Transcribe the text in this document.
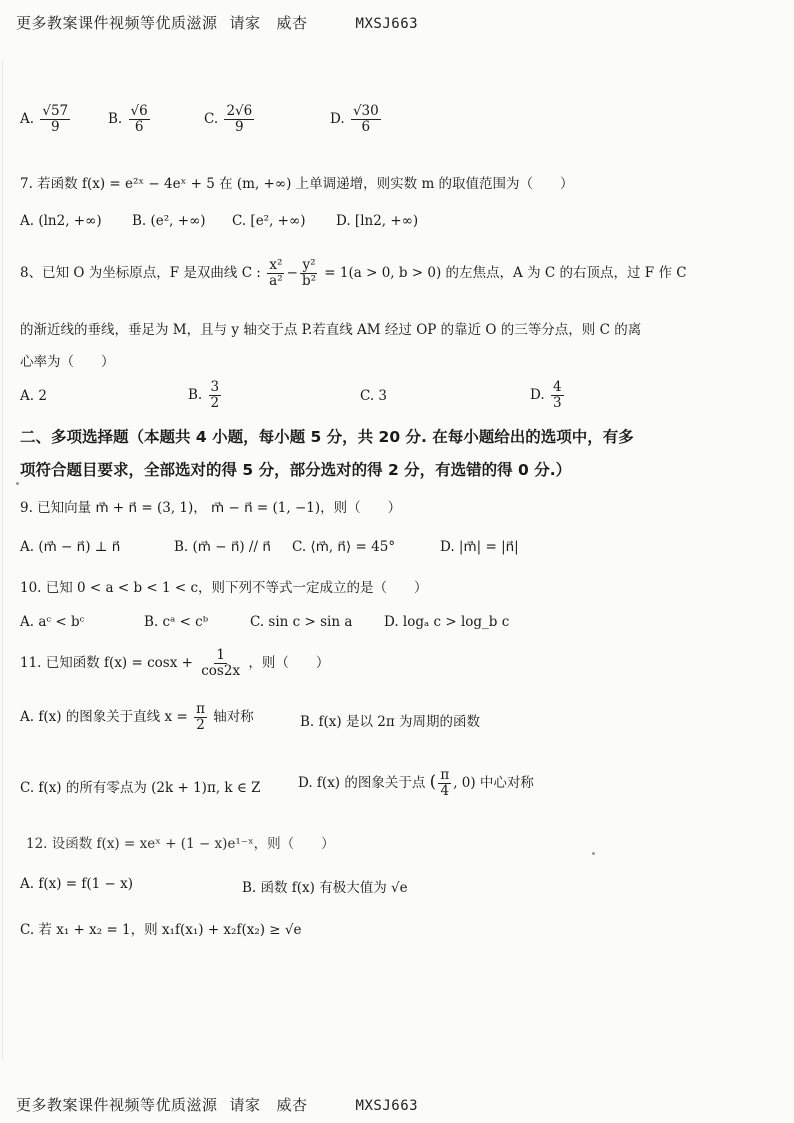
更多教案课件视频等优质滋源 请家 威杏	MXSJ663
A. $\frac{√57}{9}$	B. $\frac{√6}{6}$	C. $\frac{2√6}{9}$	D. $\frac{√30}{6}$
7. 若函数 f(x) = e²ˣ − 4eˣ + 5 在 (m, +∞) 上单调递增，则实数 m 的取值范围为（　　）
A. (ln2, +∞) B. (e², +∞) C. [e², +∞) D. [ln2, +∞)
8、已知 O 为坐标原点，F 是双曲线 C : $\frac{\text{x²}}{\text{a²}} - \frac{\text{y²}}{\text{b²}} = 1(a > 0$, b > 0) 的左焦点，A 为 C 的右顶点，过 F 作 C
的渐近线的垂线，垂足为 M，且与 y 轴交于点 P.若直线 AM 经过 OP 的靠近 O 的三等分点，则 C 的离
心率为（　　）
A. 2	B. $\frac{3}{2}$	C. 3	D. $\frac{4}{3}$
二、多项选择题（本题共 4 小题，每小题 5 分，共 20 分. 在每小题给出的选项中，有多
项符合题目要求，全部选对的得 5 分，部分选对的得 2 分，有选错的得 0 分.）
9. 已知向量 m⃗ + n⃗ = (3, 1)， m⃗ − n⃗ = (1, −1)，则（　　）
A. (m⃗ − n⃗) ⊥ n⃗	B. (m⃗ − n⃗) // n⃗ C. ⟨m⃗, n⃗⟩ = 45°	D. |m⃗| = |n⃗|
10. 已知 0 < a < b < 1 < c，则下列不等式一定成立的是（　　）
A. aᶜ < bᶜ	B. cᵃ < cᵇ	C. sin c > sin a D. logₐ c > log_b c
11. 已知函数 $f(x) = \cos x + \frac{1}{\cos 2x}$ ，则（　　）
A. f(x) 的图象关于直线 $x = \frac{\pi}{2}$ 轴对称	B. f(x) 是以 2π 为周期的函数
C. f(x) 的所有零点为 (2k + 1)π, k ∈ Z	D. f(x) 的图象关于点 ( $\frac{\pi}{4}$ , 0) 中心对称
12. 设函数 f(x) = xeˣ + (1 − x)e¹⁻ˣ，则（　　）
A. f(x) = f(1 − x)	B. 函数 f(x) 有极大值为 √e
C. 若 x₁ + x₂ = 1，则 x₁f(x₁) + x₂f(x₂) ≥ √e
更多教案课件视频等优质滋源 请家 威杏	MXSJ663
